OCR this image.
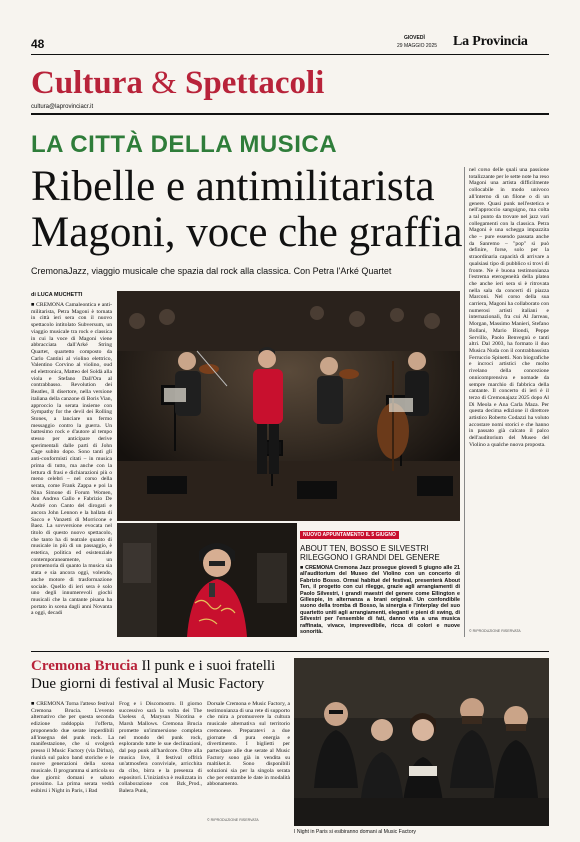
48	GIOVEDÌ
29 MAGGIO 2025 La Provincia
Cultura & Spettacoli
cultura@laprovinciacr.it
LA CITTÀ DELLA MUSICA
Ribelle e antimilitarista
Magoni, voce che graffia
CremonaJazz, viaggio musicale che spazia dal rock alla classica. Con Petra l'Arké Quartet

nel corso delle quali una passione totalizzante per le sette note ha reso Magoni una artista difficilmente collocabile in modo univoco all'interno di un filone o di un genere. Quasi punk nell'estetica e nell'approccio sanguigno, ma colta a tal punto da trovare nel jazz vari collegamenti con la classica. Petra Magoni è una schegga impazzita che – pure essendo passata anche da Sanremo – "pop" sì può definire, forse, solo per la straordinaria capacità di arrivare a qualsiasi tipo di pubblico si trovi di fronte. Ne è buona testimonianza l'estrema eterogeneità della platea che anche ieri sera si è ritrovata nella sala da concerti di piazza Marconi. Nel corso della sua carriera, Magoni ha collaborato con numerosi artisti italiani e internazionali, fra cui Al Jarreau, Morgan, Massimo Manieri, Stefano Bollani, Mario Biondi, Peppe Servillo, Paolo Benvegnù e tanti altri. Dal 2003, ha formato il duo Musica Nuda con il contrabbassista Ferruccio Spinetti. Non biografiche e incroci artistici che molto rivelano della concezione onnicomprensiva e nomade da sempre marchio di fabbrica della cantante. Il concerto di ieri è il terzo di Cremonajazz 2025 dopo Al Di Meola e Ana Carla Maza. Per questa decima edizione il direttore artistico Roberto Codazzi ha voluto accostare nomi storici e che hanno in passato già calcato il palco dell'auditorium del Museo del Violino a qualche nuova proposta.

© RIPRODUZIONE RISERVATA
di LUCA MUCHETTI

■ CREMONA Camaleontica e anti-militarista, Petra Magoni è tornata in città ieri sera con il nuovo spettacolo intitolato Subversum, un viaggio musicale tra rock e classica in cui la voce di Magoni viene abbracciata dall'Arké String Quartet, quartetto composto da Carlo Cantini al violino elettrico, Valentino Corvino al violino, oud ed elettronica, Matteo del Soldà alla viola e Stefano Dall'Ora al contrabbasso. Revolution dei Beatles, Il disertore, nella versione italiana della canzone di Boris Vian, approccio la serata insieme con Sympathy for the devil dei Rolling Stones, a lanciare un fermo messaggio contro la guerra. Un battesimo rock e d'autore al tempo stesso per anticipare derive sperimentali dalle parti di John Cage subito dopo. Sono tanti gli anti-conformisti citati – in musica prima di tutto, ma anche con la lettura di frasi e dichiarazioni più o meno celebri – nel corso della serata, come Frank Zappa e poi la Nina Simone di Forum Women, don Andrea Gallo e Fabrizio De André con Canto del dirogati e ancora John Lennon e la ballata di Sacco e Vanzetti di Morricone e Baez. La sovversione evocata nel titolo di questo nuovo spettacolo, che tanto ha di teatrale quanto di musicale in più di un passaggio, è estetica, politica ed esistenziale contemporaneamente, un promemoria di quanto la musica sia stata e sia ancora oggi, volendo, anche motore di trasformazione sociale. Quello di ieri sera è solo uno degli innumerevoli giochi musicali che la cantante pisana ha portato in scena dagli anni Novanta a oggi, decadi

NUOVO APPUNTAMENTO IL 5 GIUGNO
ABOUT TEN, BOSSO E SILVESTRI RILEGGONO I GRANDI DEL GENERE
■ CREMONA Cremona Jazz prosegue giovedì 5 giugno alle 21 all'auditorium del Museo del Violino con un concerto di Fabrizio Bosso. Ormai habitué del festival, presenterà About Ten, il progetto con cui rilegge, grazie agli arrangiamenti di Paolo Silvestri, i grandi maestri del genere come Ellington e Gillespie, in alternanza a brani originali. Un confondibile suono della tromba di Bosso, la sinergia e l'interplay del suo quartetto uniti agli arrangiamenti, eleganti e pieni di swing, di Silvestri per l'ensemble di fati, danno vita a una musica raffinata, vivace, imprevedibile, ricca di colori e nuove sonorità.
Cremona Brucia Il punk e i suoi fratelli
Due giorni di festival al Music Factory
■ CREMONA Torna l'atteso festival Cremona Brucia. L'evento alternativo che per questa seconda edizione raddoppia l'offerta, proponendo due serate imperdibili all'insegna del punk rock. La manifestazione, che si svolgerà presso il Music Factory (via Dirlna), riunirà sul palco band storiche e le nuove generazioni della scena musicale. Il programma si articola su due giorni: domani e sabato prossimo. La prima serata vedrà esibirsi i Night in Paris, i Bad
Frog e i Discomostro. Il giorno successivo sarà la volta dei The Useless 4, Marysun Nicotina e Marsh Mallows. Cremona Brucia promette un'immersione completa nel mondo del punk rock, esplorando tutte le sue declinazioni, dal pop punk all'hardcore. Oltre alla musica live, il festival offrirà un'atmosfera conviviale, arricchita da cibo, birra e la presenza di espositori. L'iniziativa è realizzata in collaborazione con Bzk_Prod., Balera Punk,
Dorsale Cremona e Music Factory, a testimonianza di una rete di supporto che mira a promuovere la cultura musicale alternativa sul territorio cremonese. Preparatevi a due giornate di pura energia e divertimento. I biglietti per partecipare alle due serate al Music Factory sono già in vendita su maltiket.it. Sono disponibili soluzioni sia per la singola serata che per entrambe le date in modalità abbonamento.
© RIPRODUZIONE RISERVATA
I Night in Paris si esibiranno domani al Music Factory
